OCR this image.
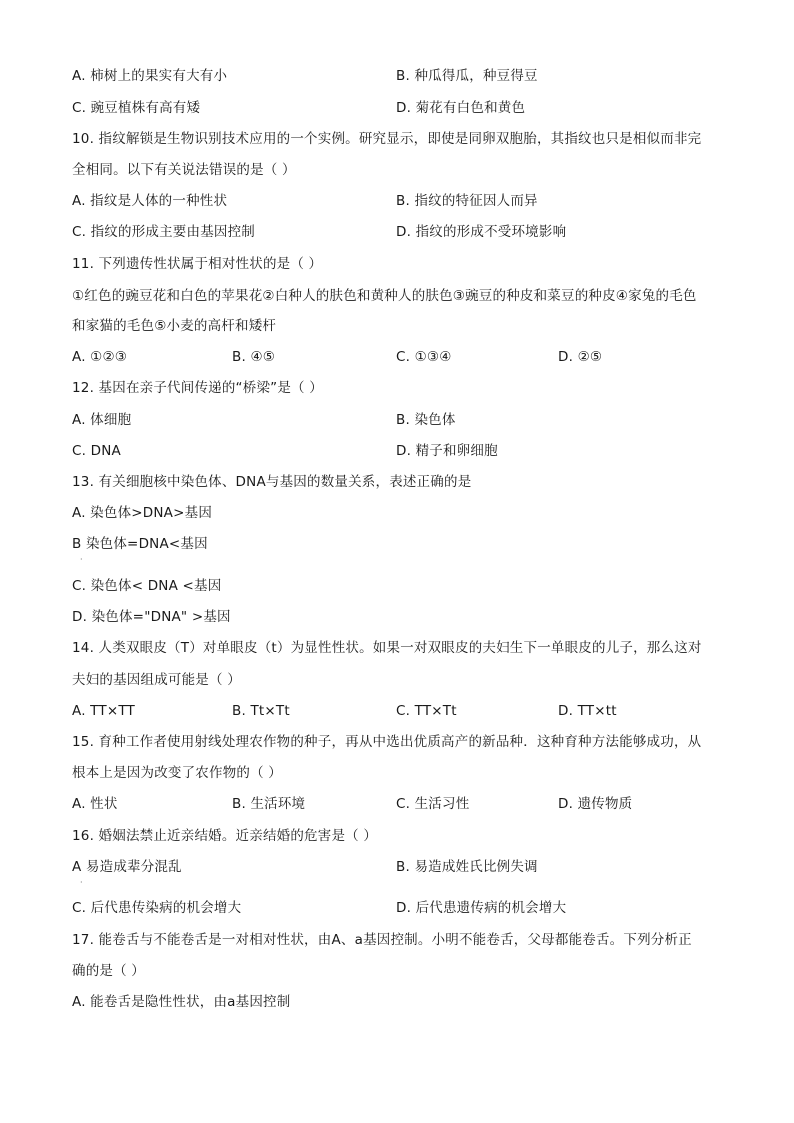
A. 柿树上的果实有大有小	B. 种瓜得瓜，种豆得豆
C. 豌豆植株有高有矮	D. 菊花有白色和黄色
10. 指纹解锁是生物识别技术应用的一个实例。研究显示，即使是同卵双胞胎，其指纹也只是相似而非完
全相同。以下有关说法错误的是（ ）
A. 指纹是人体的一种性状	B. 指纹的特征因人而异
C. 指纹的形成主要由基因控制	D. 指纹的形成不受环境影响
11. 下列遗传性状属于相对性状的是（ ）
①红色的豌豆花和白色的苹果花②白种人的肤色和黄种人的肤色③豌豆的种皮和菜豆的种皮④家兔的毛色
和家猫的毛色⑤小麦的高杆和矮杆
A. ①②③	B. ④⑤	C. ①③④	D. ②⑤
12. 基因在亲子代间传递的“桥梁”是（ ）
A. 体细胞	B. 染色体
C. DNA	D. 精子和卵细胞
13. 有关细胞核中染色体、DNA与基因的数量关系，表述正确的是
A. 染色体>DNA>基因
B 染色体=DNA<基因
·
C. 染色体< DNA <基因
D. 染色体="DNA" >基因
14. 人类双眼皮（T）对单眼皮（t）为显性性状。如果一对双眼皮的夫妇生下一单眼皮的儿子，那么这对
夫妇的基因组成可能是（ ）
A. TT×TT	B. Tt×Tt	C. TT×Tt	D. TT×tt
15. 育种工作者使用射线处理农作物的种子，再从中选出优质高产的新品种．这种育种方法能够成功，从
根本上是因为改变了农作物的（ ）
A. 性状	B. 生活环境	C. 生活习性	D. 遗传物质
16. 婚姻法禁止近亲结婚。近亲结婚的危害是（ ）
A 易造成辈分混乱
·
B. 易造成姓氏比例失调
C. 后代患传染病的机会增大	D. 后代患遗传病的机会增大
17. 能卷舌与不能卷舌是一对相对性状，由A、a基因控制。小明不能卷舌，父母都能卷舌。下列分析正
确的是（ ）
A. 能卷舌是隐性性状，由a基因控制
